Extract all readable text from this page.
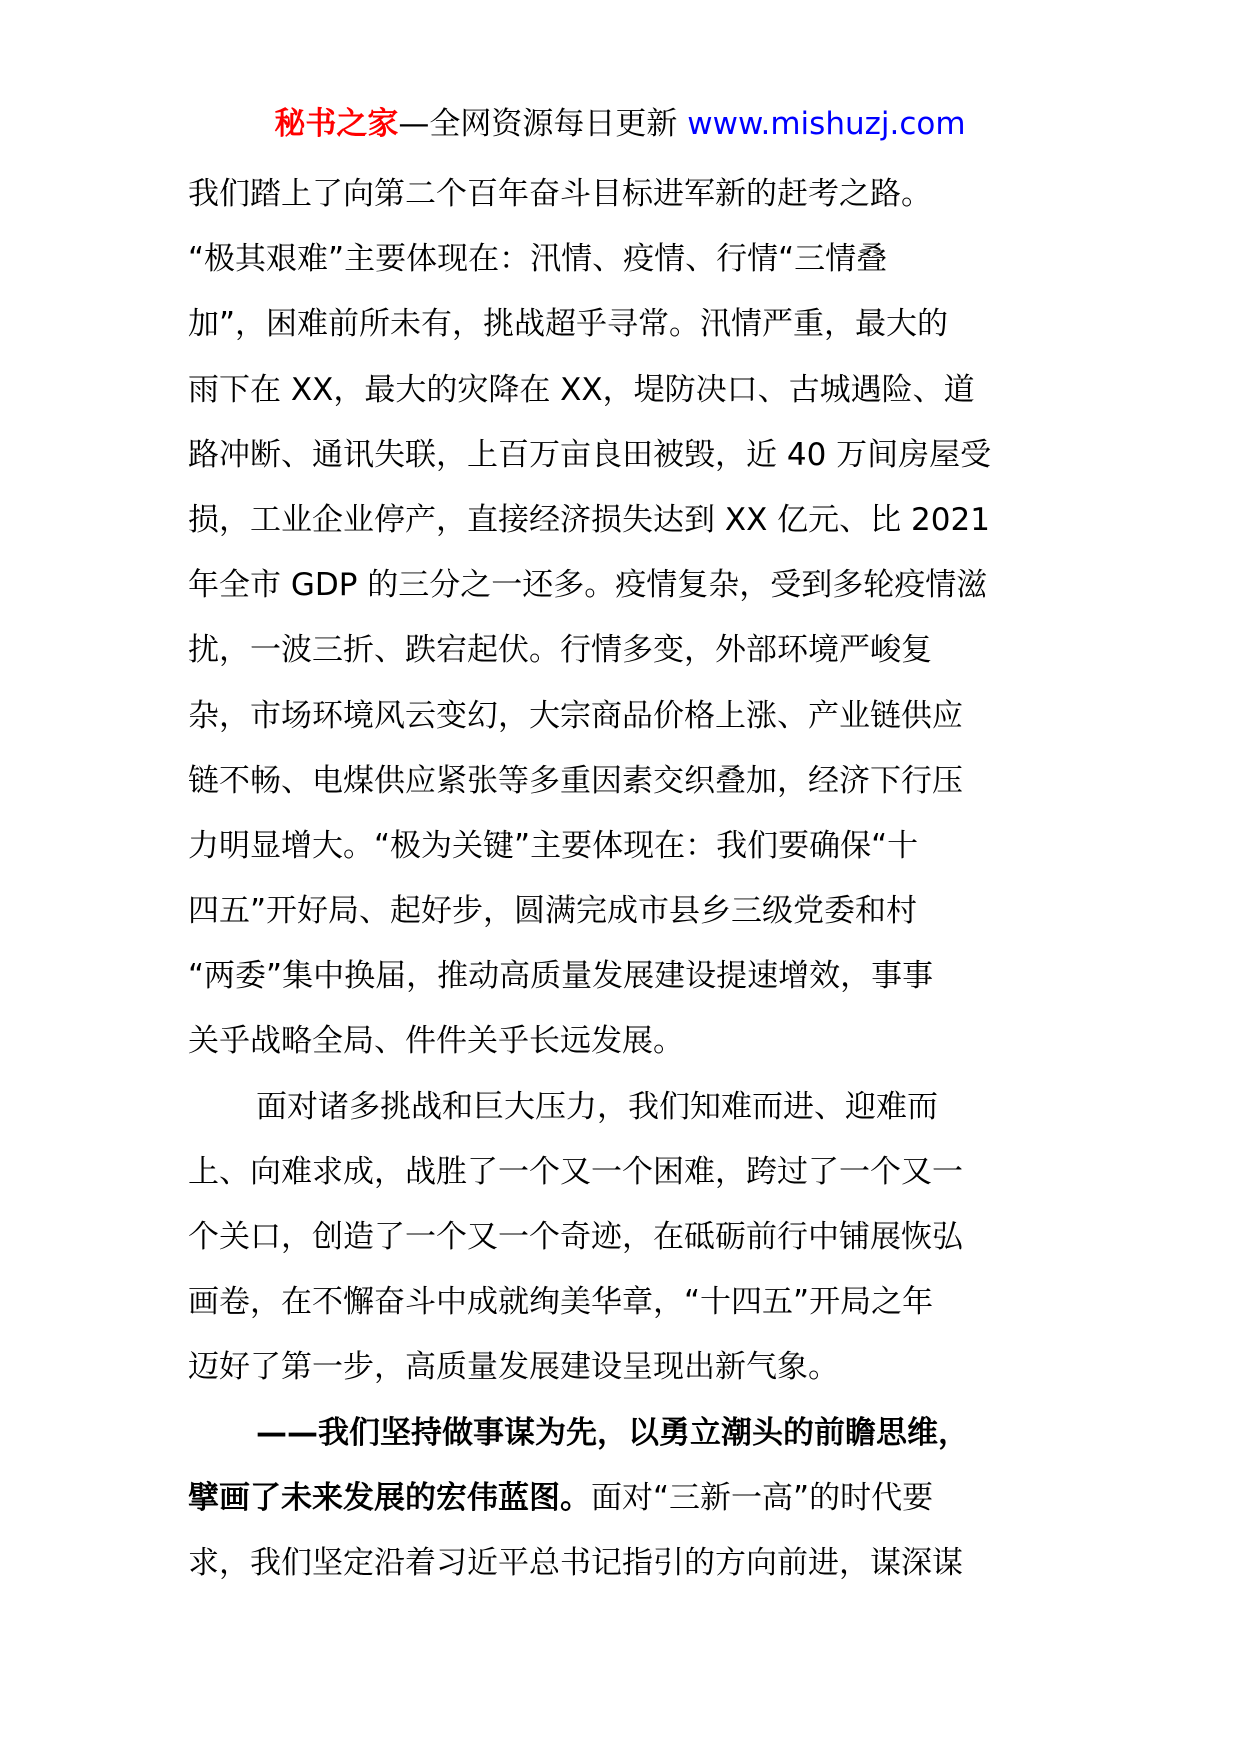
秘书之家—全网资源每日更新 www.mishuzj.com
我们踏上了向第二个百年奋斗目标进军新的赶考之路。
“极其艰难”主要体现在：汛情、疫情、行情“三情叠
加”，困难前所未有，挑战超乎寻常。汛情严重，最大的
雨下在 XX，最大的灾降在 XX，堤防决口、古城遇险、道
路冲断、通讯失联，上百万亩良田被毁，近 40 万间房屋受
损，工业企业停产，直接经济损失达到 XX 亿元、比 2021
年全市 GDP 的三分之一还多。疫情复杂，受到多轮疫情滋
扰，一波三折、跌宕起伏。行情多变，外部环境严峻复
杂，市场环境风云变幻，大宗商品价格上涨、产业链供应
链不畅、电煤供应紧张等多重因素交织叠加，经济下行压
力明显增大。“极为关键”主要体现在：我们要确保“十
四五”开好局、起好步，圆满完成市县乡三级党委和村
“两委”集中换届，推动高质量发展建设提速增效，事事
关乎战略全局、件件关乎长远发展。
面对诸多挑战和巨大压力，我们知难而进、迎难而
上、向难求成，战胜了一个又一个困难，跨过了一个又一
个关口，创造了一个又一个奇迹，在砥砺前行中铺展恢弘
画卷，在不懈奋斗中成就绚美华章，“十四五”开局之年
迈好了第一步，高质量发展建设呈现出新气象。
——我们坚持做事谋为先，以勇立潮头的前瞻思维，
擘画了未来发展的宏伟蓝图。面对“三新一高”的时代要
求，我们坚定沿着习近平总书记指引的方向前进，谋深谋
